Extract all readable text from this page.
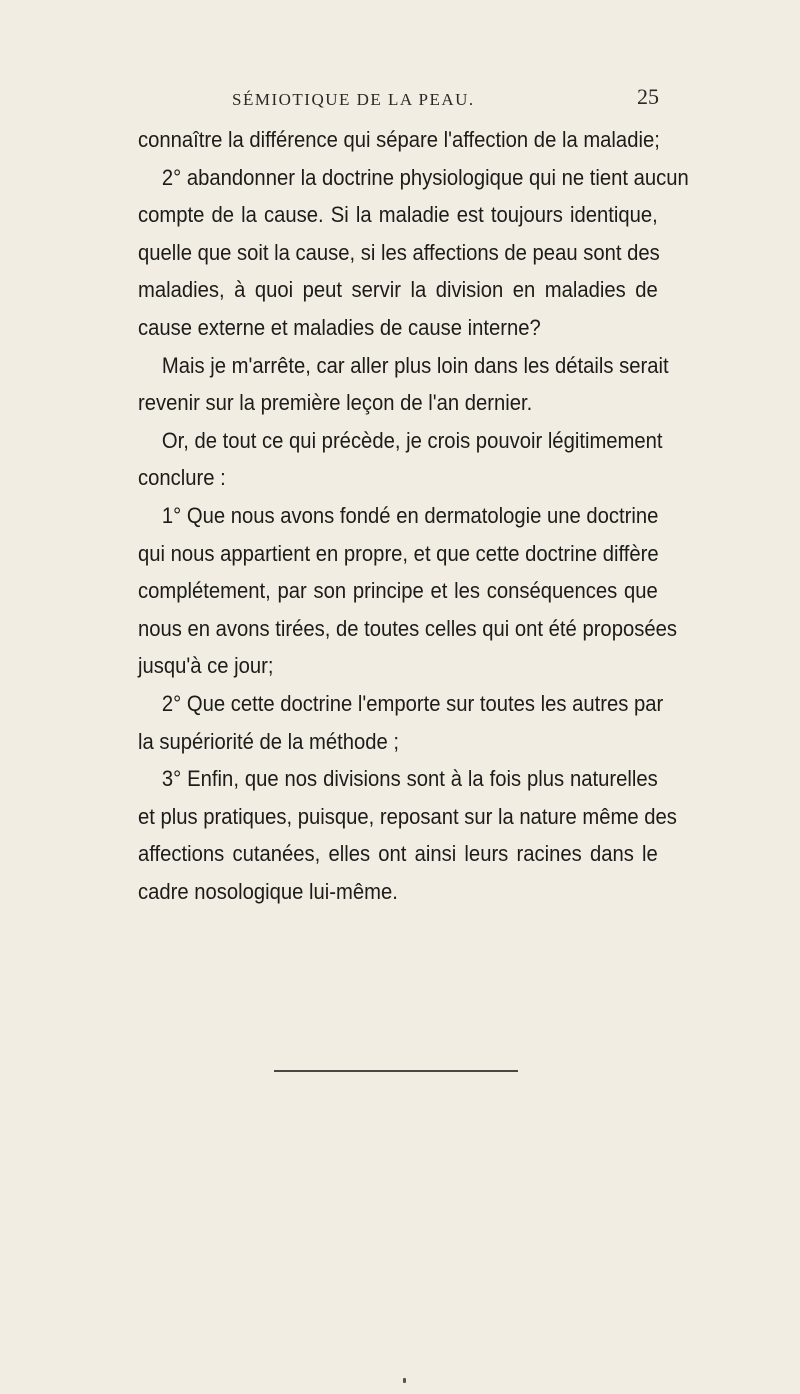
SÉMIOTIQUE DE LA PEAU.	25
connaître la différence qui sépare l'affection de la maladie;
2° abandonner la doctrine physiologique qui ne tient aucun
compte de la cause. Si la maladie est toujours identique,
quelle que soit la cause, si les affections de peau sont des
maladies, à quoi peut servir la division en maladies de
cause externe et maladies de cause interne?
Mais je m'arrête, car aller plus loin dans les détails serait
revenir sur la première leçon de l'an dernier.
Or, de tout ce qui précède, je crois pouvoir légitimement
conclure :
1° Que nous avons fondé en dermatologie une doctrine
qui nous appartient en propre, et que cette doctrine diffère
complétement, par son principe et les conséquences que
nous en avons tirées, de toutes celles qui ont été proposées
jusqu'à ce jour;
2° Que cette doctrine l'emporte sur toutes les autres par
la supériorité de la méthode ;
3° Enfin, que nos divisions sont à la fois plus naturelles
et plus pratiques, puisque, reposant sur la nature même des
affections cutanées, elles ont ainsi leurs racines dans le
cadre nosologique lui-même.
